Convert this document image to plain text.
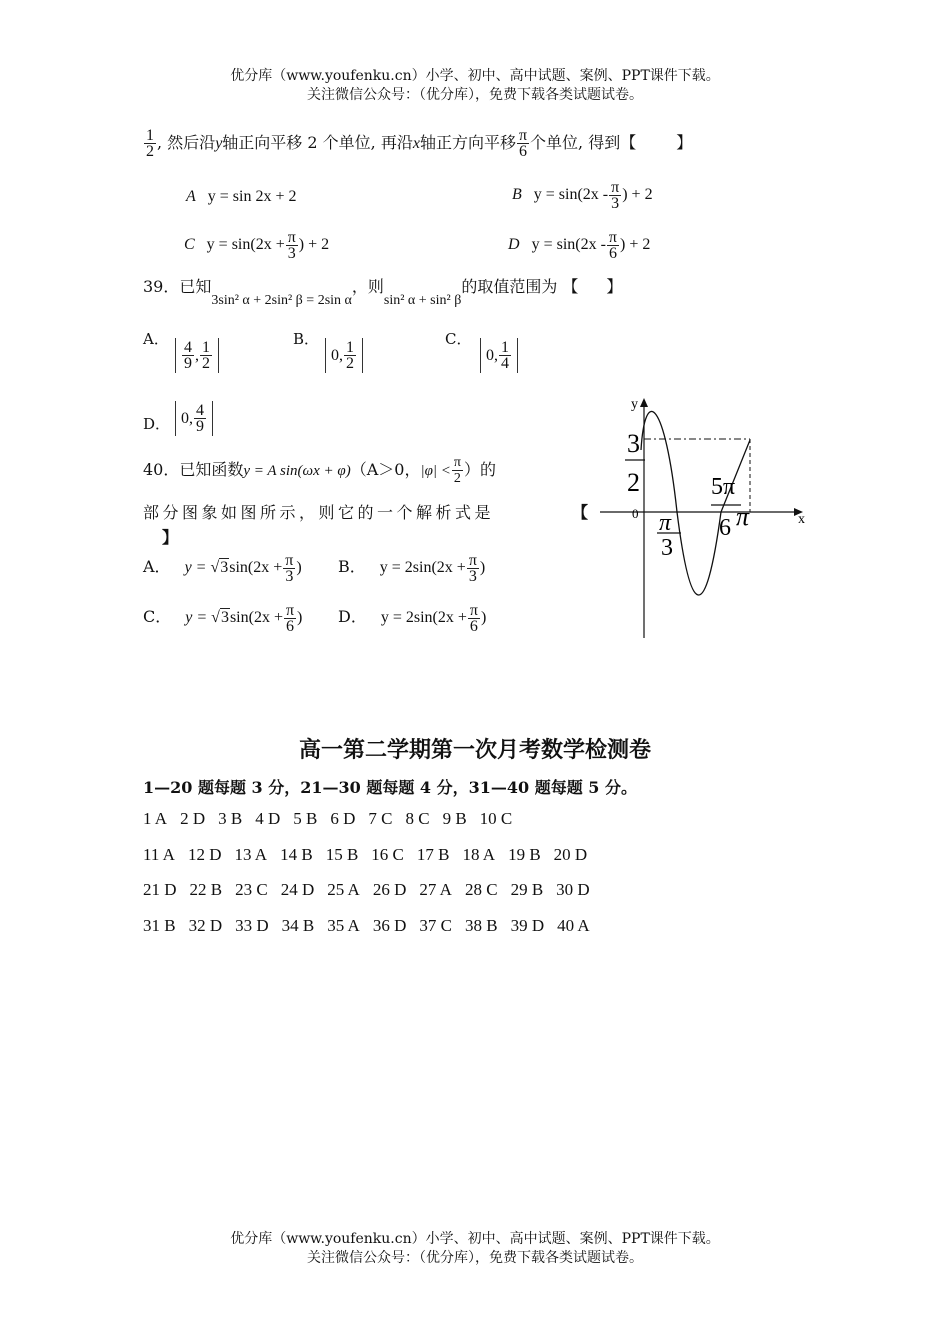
优分库（www.youfenku.cn）小学、初中、高中试题、案例、PPT课件下载。
关注微信公众号：（优分库），免费下载各类试题试卷。
$\frac{1}{2}$ , 然后沿y轴正向平移 2 个单位, 再沿x轴正方向平移 $\frac{\pi}{6}$ 个单位, 得到【	】
A y = sin 2x + 2	B $y = \sin(2x - \frac{\pi}{3}$ ) + 2
C $y = \sin(2x + \frac{\pi}{3}$ ) + 2	D $y = \sin(2x - \frac{\pi}{6}$ ) + 2
39．已知3sin² α + 2sin² β = 2sin α，则sin² α + sin² β的取值范围为 【 】
A．
$\frac{4}{9}$ , $\frac{1}{2}$
B．
0, $\frac{1}{2}$
C．
0, $\frac{1}{4}$
D． 0, $\frac{4}{9}$
40．已知函数y = A sin(ωx + φ)（A＞0，$|\varphi| < \frac{\pi}{2}$ ）的
部分图象如图所示，则它的一个解析式是	【
】
A． $y = √3\sin(2x + \frac{\pi}{3}$ ) B． $y = 2\sin(2x + \frac{\pi}{3}$ )
C． $y = √3\sin(2x + \frac{\pi}{6}$ ) D． $y = 2\sin(2x + \frac{\pi}{6}$ )
y
x
0
3
2
π
3
5π
6 π
高一第二学期第一次月考数学检测卷
1—20 题每题 3 分，21—30 题每题 4 分，31—40 题每题 5 分。
1 A 2 D 3 B 4 D 5 B 6 D 7 C 8 C 9 B 10 C
11 A 12 D 13 A 14 B 15 B 16 C 17 B 18 A 19 B 20 D
21 D 22 B 23 C 24 D 25 A 26 D 27 A 28 C 29 B 30 D
31 B 32 D 33 D 34 B 35 A 36 D 37 C 38 B 39 D 40 A
优分库（www.youfenku.cn）小学、初中、高中试题、案例、PPT课件下载。
关注微信公众号：（优分库），免费下载各类试题试卷。
